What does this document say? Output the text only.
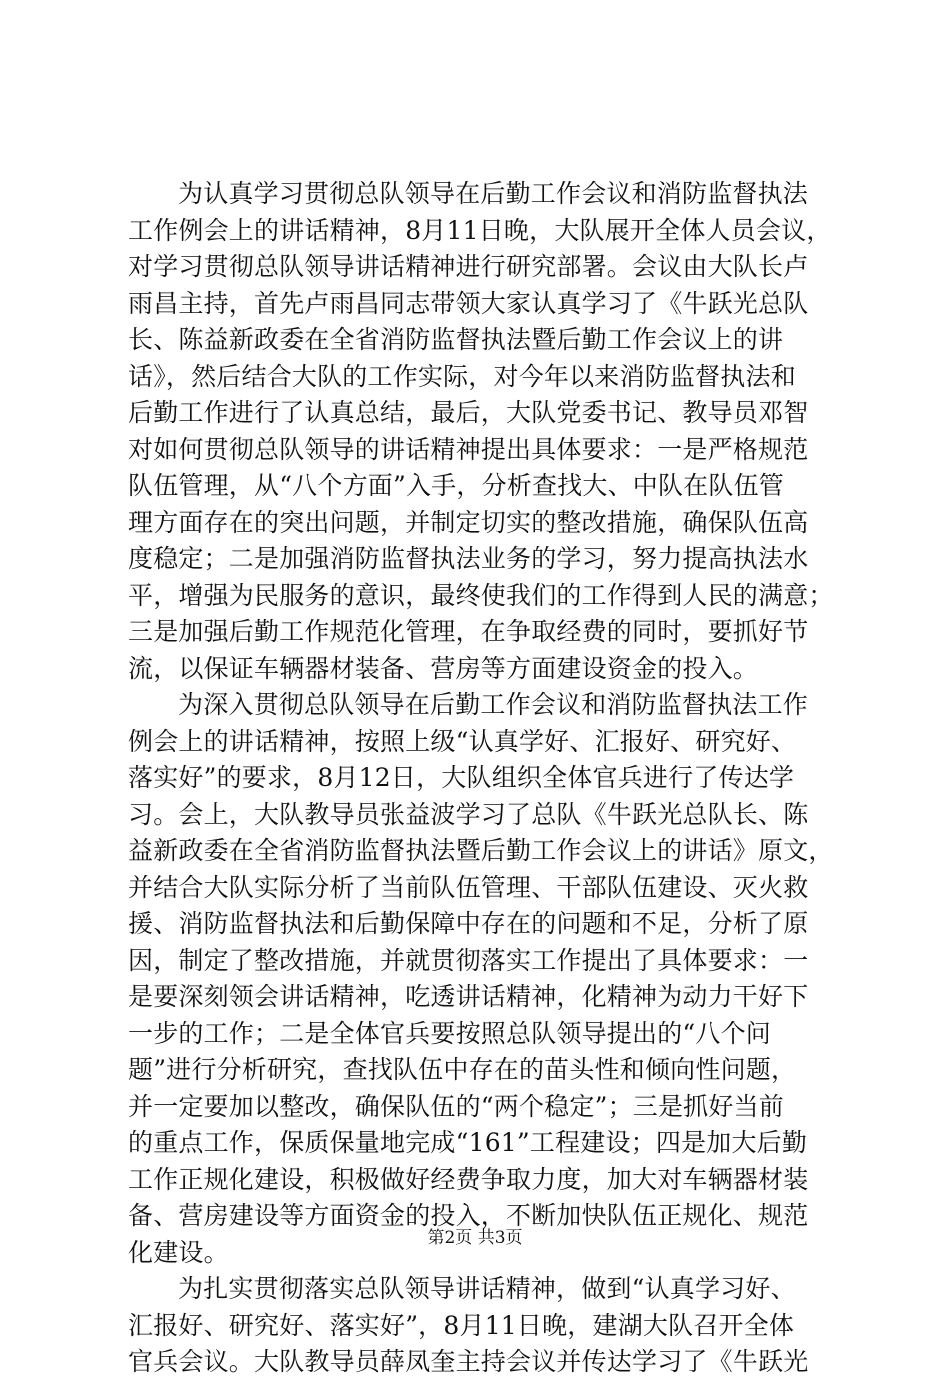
为认真学习贯彻总队领导在后勤工作会议和消防监督执法
工作例会上的讲话精神，8月11日晚，大队展开全体人员会议，
对学习贯彻总队领导讲话精神进行研究部署。会议由大队长卢
雨昌主持，首先卢雨昌同志带领大家认真学习了《牛跃光总队
长、陈益新政委在全省消防监督执法暨后勤工作会议上的讲
话》，然后结合大队的工作实际，对今年以来消防监督执法和
后勤工作进行了认真总结，最后，大队党委书记、教导员邓智
对如何贯彻总队领导的讲话精神提出具体要求：一是严格规范
队伍管理，从“八个方面”入手，分析查找大、中队在队伍管
理方面存在的突出问题，并制定切实的整改措施，确保队伍高
度稳定；二是加强消防监督执法业务的学习，努力提高执法水
平，增强为民服务的意识，最终使我们的工作得到人民的满意；
三是加强后勤工作规范化管理，在争取经费的同时，要抓好节
流，以保证车辆器材装备、营房等方面建设资金的投入。
为深入贯彻总队领导在后勤工作会议和消防监督执法工作
例会上的讲话精神，按照上级“认真学好、汇报好、研究好、
落实好”的要求，8月12日，大队组织全体官兵进行了传达学
习。会上，大队教导员张益波学习了总队《牛跃光总队长、陈
益新政委在全省消防监督执法暨后勤工作会议上的讲话》原文，
并结合大队实际分析了当前队伍管理、干部队伍建设、灭火救
援、消防监督执法和后勤保障中存在的问题和不足，分析了原
因，制定了整改措施，并就贯彻落实工作提出了具体要求：一
是要深刻领会讲话精神，吃透讲话精神，化精神为动力干好下
一步的工作；二是全体官兵要按照总队领导提出的“八个问
题”进行分析研究，查找队伍中存在的苗头性和倾向性问题，
并一定要加以整改，确保队伍的“两个稳定”；三是抓好当前
的重点工作，保质保量地完成“161”工程建设；四是加大后勤
工作正规化建设，积极做好经费争取力度，加大对车辆器材装
备、营房建设等方面资金的投入，不断加快队伍正规化、规范
化建设。
为扎实贯彻落实总队领导讲话精神，做到“认真学习好、
汇报好、研究好、落实好”，8月11日晚，建湖大队召开全体
官兵会议。大队教导员薛凤奎主持会议并传达学习了《牛跃光
第2页 共3页
